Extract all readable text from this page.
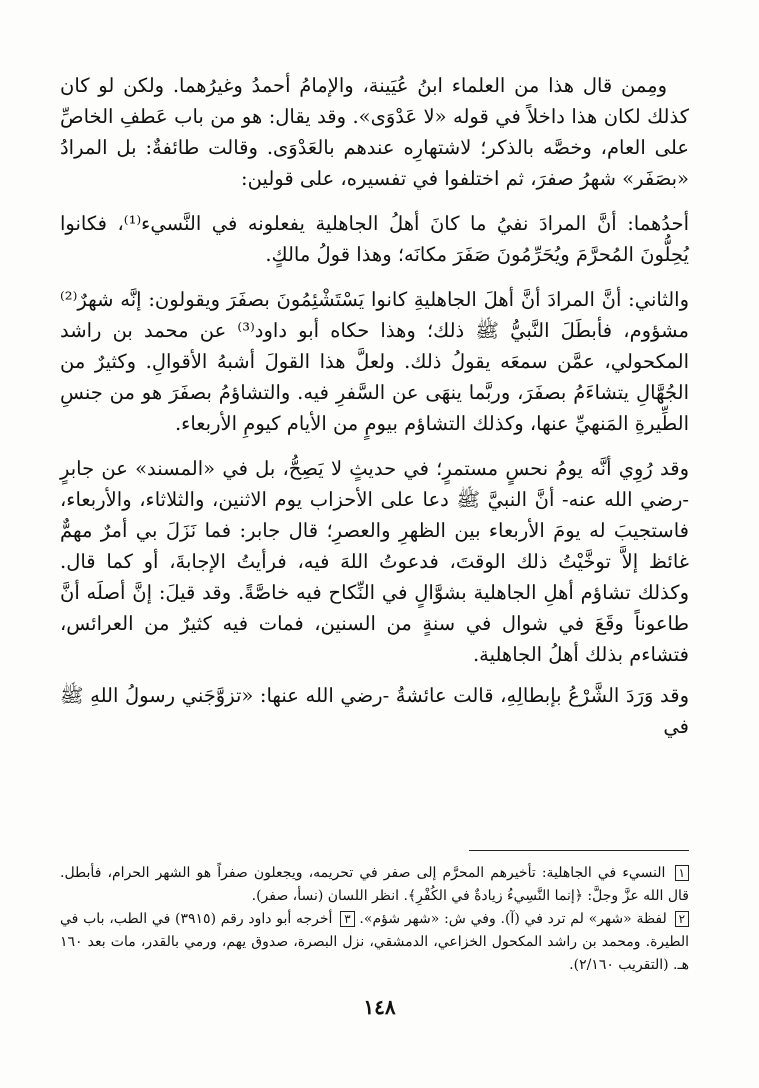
ومِمن قال هذا من العلماء ابنُ عُيَينة، والإمامُ أحمدُ وغيرُهما. ولكن لو كان كذلك لكان هذا داخلاً في قوله «لا عَدْوَى». وقد يقال: هو من باب عَطفِ الخاصِّ على العام، وخصَّه بالذكر؛ لاشتهارِه عندهم بالعَدْوَى. وقالت طائفةٌ: بل المرادُ «بصَفَر» شهرُ صفرَ، ثم اختلفوا في تفسيره، على قولين:

أحدُهما: أنَّ المرادَ نفيُ ما كانَ أهلُ الجاهلية يفعلونه في النَّسيء⁽¹⁾، فكانوا يُحِلُّونَ المُحرَّمَ ويُحَرِّمُونَ صَفَرَ مكانَه؛ وهذا قولُ مالكٍ.

والثاني: أنَّ المرادَ أنَّ أهلَ الجاهليةِ كانوا يَسْتَشْئِمُونَ بصفَرَ ويقولون: إنَّه شهرٌ⁽²⁾ مشؤوم، فأبطَلَ النَّبيُّ ﷺ ذلك؛ وهذا حكاه أبو داود⁽³⁾ عن محمد بن راشد المكحولي، عمَّن سمعَه يقولُ ذلك. ولعلَّ هذا القولَ أشبهُ الأقوالِ. وكثيرٌ من الجُهَّالِ يتشاءَمُ بصفَرَ، وربَّما ينهَى عن السَّفرِ فيه. والتشاؤمُ بصفَرَ هو من جنسِ الطِّيرةِ المَنهيِّ عنها، وكذلك التشاؤم بيومٍ من الأيام كيومِ الأربعاء.

وقد رُوِي أنَّه يومُ نحسٍ مستمرٍ؛ في حديثٍ لا يَصِحُّ، بل في «المسند» عن جابرٍ -رضي الله عنه- أنَّ النبيَّ ﷺ دعا على الأحزاب يوم الاثنين، والثلاثاء، والأربعاء، فاستجيبَ له يومَ الأربعاء بين الظهرِ والعصرِ؛ قال جابر: فما نَزَلَ بي أمرٌ مهمٌّ غائظ إلاَّ توخَّيْتُ ذلك الوقتَ، فدعوتُ اللهَ فيه، فرأيتُ الإجابةَ، أو كما قال. وكذلك تشاؤم أهلِ الجاهلية بشوَّالٍ في النِّكاح فيه خاصَّةً. وقد قيلَ: إنَّ أصلَه أنَّ طاعوناً وقَعَ في شوال في سنةٍ من السنين، فمات فيه كثيرٌ من العرائس، فتشاءم بذلك أهلُ الجاهلية.

وقد وَرَدَ الشَّرْعُ بإبطالِهِ، قالت عائشةُ -رضي الله عنها: «تزوَّجَني رسولُ اللهِ ﷺ في

١ النسيء في الجاهلية: تأخيرهم المحرَّم إلى صفر في تحريمه، ويجعلون صفراً هو الشهر الحرام، فأبطل. قال الله عزَّ وجلَّ: ﴿إنما النَّسِيءُ زيادةٌ في الكُفْرِ﴾. انظر اللسان (نسأ، صفر).
٢ لفظة «شهر» لم ترد في (آ). وفي ش: «شهر شؤم». ٣ أخرجه أبو داود رقم (٣٩١٥) في الطب، باب في الطيرة. ومحمد بن راشد المكحول الخزاعي، الدمشقي، نزل البصرة، صدوق يهم، ورمي بالقدر، مات بعد ١٦٠ هـ. (التقريب ٢/١٦٠).
١٤٨
